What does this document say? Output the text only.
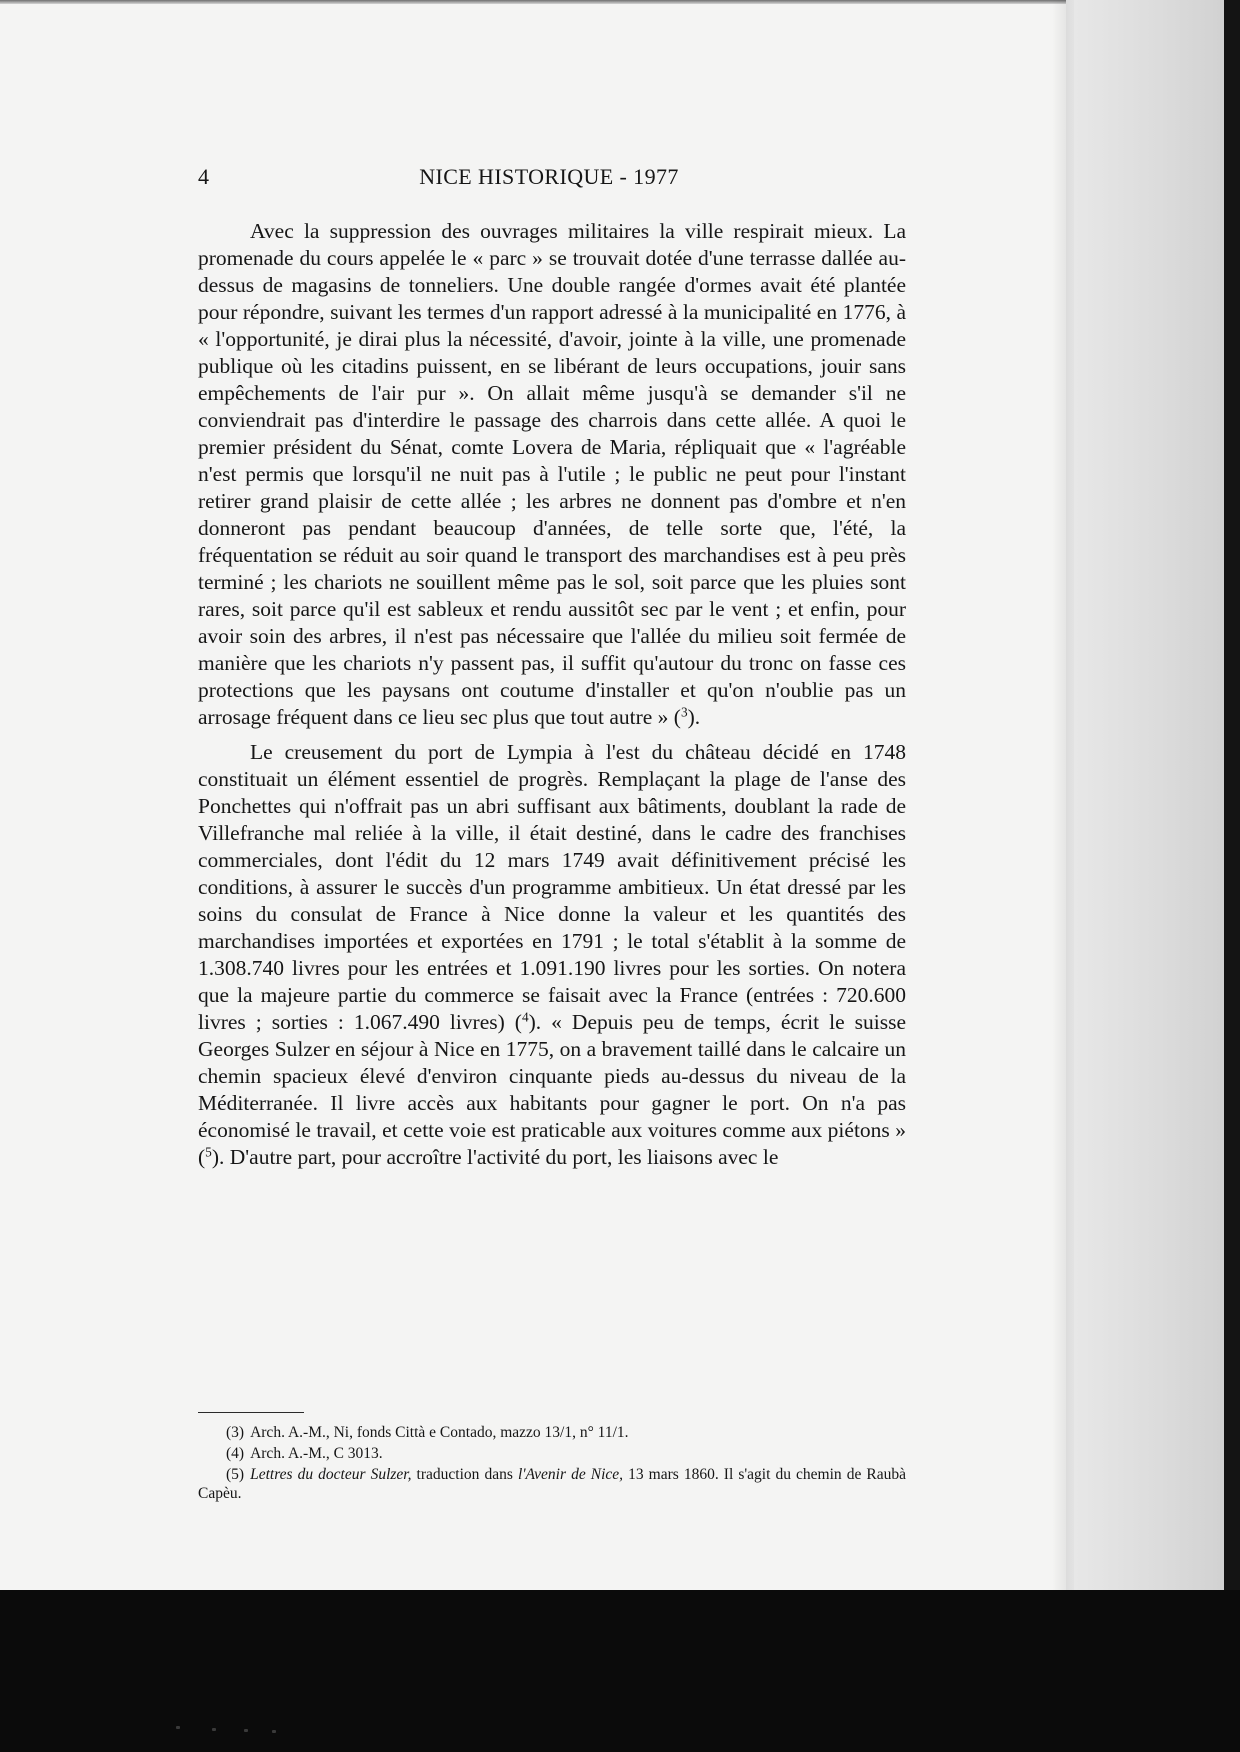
4	NICE HISTORIQUE - 1977

Avec la suppression des ouvrages militaires la ville respirait mieux. La promenade du cours appelée le « parc » se trouvait dotée d'une terrasse dallée au-dessus de magasins de tonneliers. Une double rangée d'ormes avait été plantée pour répondre, suivant les termes d'un rapport adressé à la municipalité en 1776, à « l'opportunité, je dirai plus la nécessité, d'avoir, jointe à la ville, une promenade publique où les citadins puissent, en se libérant de leurs occupations, jouir sans empêchements de l'air pur ». On allait même jusqu'à se demander s'il ne conviendrait pas d'interdire le passage des charrois dans cette allée. A quoi le premier président du Sénat, comte Lovera de Maria, répliquait que « l'agréable n'est permis que lorsqu'il ne nuit pas à l'utile ; le public ne peut pour l'instant retirer grand plaisir de cette allée ; les arbres ne donnent pas d'ombre et n'en donneront pas pendant beaucoup d'années, de telle sorte que, l'été, la fréquentation se réduit au soir quand le transport des marchandises est à peu près terminé ; les chariots ne souillent même pas le sol, soit parce que les pluies sont rares, soit parce qu'il est sableux et rendu aussitôt sec par le vent ; et enfin, pour avoir soin des arbres, il n'est pas nécessaire que l'allée du milieu soit fermée de manière que les chariots n'y passent pas, il suffit qu'autour du tronc on fasse ces protections que les paysans ont coutume d'installer et qu'on n'oublie pas un arrosage fréquent dans ce lieu sec plus que tout autre » ($^3$).

Le creusement du port de Lympia à l'est du château décidé en 1748 constituait un élément essentiel de progrès. Remplaçant la plage de l'anse des Ponchettes qui n'offrait pas un abri suffisant aux bâtiments, doublant la rade de Villefranche mal reliée à la ville, il était destiné, dans le cadre des franchises commerciales, dont l'édit du 12 mars 1749 avait définitivement précisé les conditions, à assurer le succès d'un programme ambitieux. Un état dressé par les soins du consulat de France à Nice donne la valeur et les quantités des marchandises importées et exportées en 1791 ; le total s'établit à la somme de 1.308.740 livres pour les entrées et 1.091.190 livres pour les sorties. On notera que la majeure partie du commerce se faisait avec la France (entrées : 720.600 livres ; sorties : 1.067.490 livres) ($^4$). « Depuis peu de temps, écrit le suisse Georges Sulzer en séjour à Nice en 1775, on a bravement taillé dans le calcaire un chemin spacieux élevé d'environ cinquante pieds au-dessus du niveau de la Méditerranée. Il livre accès aux habitants pour gagner le port. On n'a pas économisé le travail, et cette voie est praticable aux voitures comme aux piétons » ($^5$). D'autre part, pour accroître l'activité du port, les liaisons avec le

(3) Arch. A.-M., Ni, fonds Città e Contado, mazzo 13/1, n° 11/1.

(4) Arch. A.-M., C 3013.

(5) Lettres du docteur Sulzer, traduction dans l'Avenir de Nice, 13 mars 1860. Il s'agit du chemin de Raubà Capèu.
